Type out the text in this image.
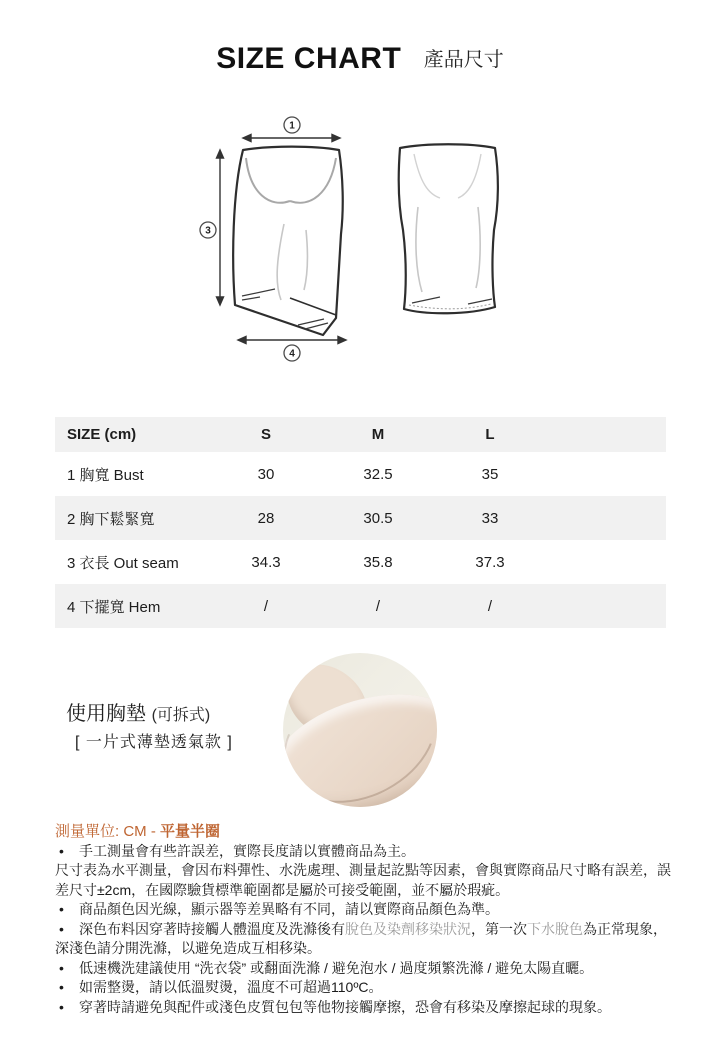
SIZE CHART 產品尺寸
1
3
4
SIZE (cm)	S	M	L	
1 胸寬 Bust	30	32.5	35	
2 胸下鬆緊寬	28	30.5	33	
3 衣長 Out seam	34.3	35.8	37.3	
4 下擺寬 Hem	/	/	/	
使用胸墊 (可拆式)
[ 一片式薄墊透氣款 ]

測量單位: CM - 平量半圈

• 手工測量會有些許誤差，實際長度請以實體商品為主。

尺寸表為水平測量，會因布料彈性、水洗處理、測量起訖點等因素，會與實際商品尺寸略有誤差，誤差尺寸±2cm，在國際驗貨標準範圍都是屬於可接受範圍，並不屬於瑕疵。

• 商品顏色因光線，顯示器等差異略有不同，請以實際商品顏色為準。

• 深色布料因穿著時接觸人體溫度及洗滌後有脫色及染劑移染狀況，第一次下水脫色為正常現象，深淺色請分開洗滌，以避免造成互相移染。

• 低速機洗建議使用 “洗衣袋” 或翻面洗滌 / 避免泡水 / 過度頻繁洗滌 / 避免太陽直曬。

• 如需整燙，請以低溫熨燙，溫度不可超過110ºC。

• 穿著時請避免與配件或淺色皮質包包等他物接觸摩擦，恐會有移染及摩擦起球的現象。
